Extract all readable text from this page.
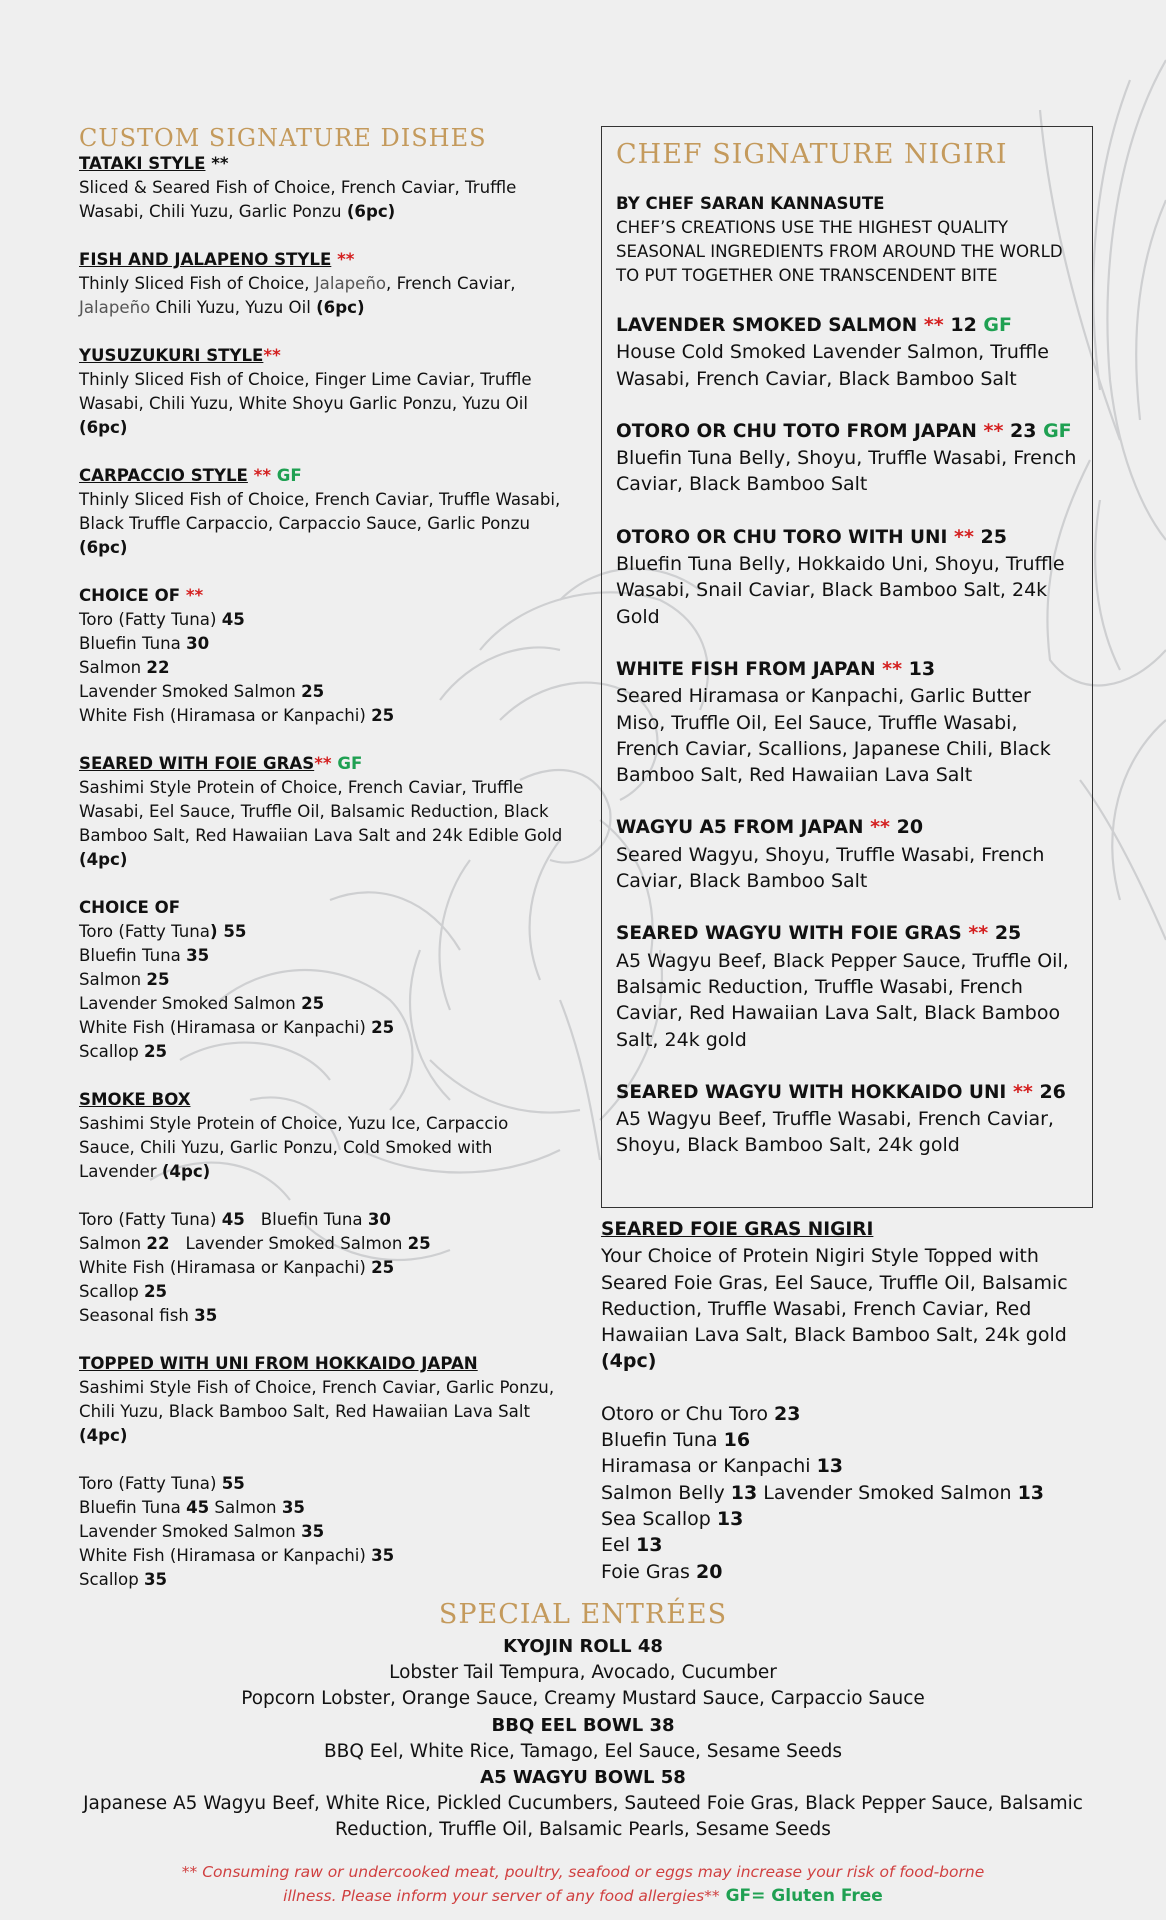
CUSTOM SIGNATURE DISHES
TATAKI STYLE **
Sliced & Seared Fish of Choice, French Caviar, Truffle Wasabi, Chili Yuzu, Garlic Ponzu (6pc)
FISH AND JALAPENO STYLE **
Thinly Sliced Fish of Choice, Jalapeño, French Caviar, Jalapeño Chili Yuzu, Yuzu Oil (6pc)
YUSUZUKURI STYLE**
Thinly Sliced Fish of Choice, Finger Lime Caviar, Truffle Wasabi, Chili Yuzu, White Shoyu Garlic Ponzu, Yuzu Oil (6pc)
CARPACCIO STYLE ** GF
Thinly Sliced Fish of Choice, French Caviar, Truffle Wasabi, Black Truffle Carpaccio, Carpaccio Sauce, Garlic Ponzu (6pc)
CHOICE OF **
Toro (Fatty Tuna) 45
Bluefin Tuna 30
Salmon 22
Lavender Smoked Salmon 25
White Fish (Hiramasa or Kanpachi) 25
SEARED WITH FOIE GRAS** GF
Sashimi Style Protein of Choice, French Caviar, Truffle Wasabi, Eel Sauce, Truffle Oil, Balsamic Reduction, Black Bamboo Salt, Red Hawaiian Lava Salt and 24k Edible Gold (4pc)
CHOICE OF
Toro (Fatty Tuna) 55
Bluefin Tuna 35
Salmon 25
Lavender Smoked Salmon 25
White Fish (Hiramasa or Kanpachi) 25
Scallop 25
SMOKE BOX
Sashimi Style Protein of Choice, Yuzu Ice, Carpaccio Sauce, Chili Yuzu, Garlic Ponzu, Cold Smoked with Lavender (4pc)
Toro (Fatty Tuna) 45 Bluefin Tuna 30
Salmon 22 Lavender Smoked Salmon 25
White Fish (Hiramasa or Kanpachi) 25
Scallop 25
Seasonal fish 35
TOPPED WITH UNI FROM HOKKAIDO JAPAN
Sashimi Style Fish of Choice, French Caviar, Garlic Ponzu, Chili Yuzu, Black Bamboo Salt, Red Hawaiian Lava Salt (4pc)
Toro (Fatty Tuna) 55
Bluefin Tuna 45 Salmon 35
Lavender Smoked Salmon 35
White Fish (Hiramasa or Kanpachi) 35
Scallop 35
CHEF SIGNATURE NIGIRI
BY CHEF SARAN KANNASUTE
CHEF’S CREATIONS USE THE HIGHEST QUALITY SEASONAL INGREDIENTS FROM AROUND THE WORLD TO PUT TOGETHER ONE TRANSCENDENT BITE
LAVENDER SMOKED SALMON ** 12 GF
House Cold Smoked Lavender Salmon, Truffle Wasabi, French Caviar, Black Bamboo Salt
OTORO OR CHU TOTO FROM JAPAN ** 23 GF
Bluefin Tuna Belly, Shoyu, Truffle Wasabi, French Caviar, Black Bamboo Salt
OTORO OR CHU TORO WITH UNI ** 25
Bluefin Tuna Belly, Hokkaido Uni, Shoyu, Truffle Wasabi, Snail Caviar, Black Bamboo Salt, 24k Gold
WHITE FISH FROM JAPAN ** 13
Seared Hiramasa or Kanpachi, Garlic Butter Miso, Truffle Oil, Eel Sauce, Truffle Wasabi, French Caviar, Scallions, Japanese Chili, Black Bamboo Salt, Red Hawaiian Lava Salt
WAGYU A5 FROM JAPAN ** 20
Seared Wagyu, Shoyu, Truffle Wasabi, French Caviar, Black Bamboo Salt
SEARED WAGYU WITH FOIE GRAS ** 25
A5 Wagyu Beef, Black Pepper Sauce, Truffle Oil, Balsamic Reduction, Truffle Wasabi, French Caviar, Red Hawaiian Lava Salt, Black Bamboo Salt, 24k gold
SEARED WAGYU WITH HOKKAIDO UNI ** 26
A5 Wagyu Beef, Truffle Wasabi, French Caviar, Shoyu, Black Bamboo Salt, 24k gold
SEARED FOIE GRAS NIGIRI
Your Choice of Protein Nigiri Style Topped with Seared Foie Gras, Eel Sauce, Truffle Oil, Balsamic Reduction, Truffle Wasabi, French Caviar, Red Hawaiian Lava Salt, Black Bamboo Salt, 24k gold (4pc)
Otoro or Chu Toro 23
Bluefin Tuna 16
Hiramasa or Kanpachi 13
Salmon Belly 13 Lavender Smoked Salmon 13
Sea Scallop 13
Eel 13
Foie Gras 20
SPECIAL ENTRÉES
KYOJIN ROLL 48
Lobster Tail Tempura, Avocado, Cucumber
Popcorn Lobster, Orange Sauce, Creamy Mustard Sauce, Carpaccio Sauce
BBQ EEL BOWL 38
BBQ Eel, White Rice, Tamago, Eel Sauce, Sesame Seeds
A5 WAGYU BOWL 58
Japanese A5 Wagyu Beef, White Rice, Pickled Cucumbers, Sauteed Foie Gras, Black Pepper Sauce, Balsamic
Reduction, Truffle Oil, Balsamic Pearls, Sesame Seeds
** Consuming raw or undercooked meat, poultry, seafood or eggs may increase your risk of food-borne
illness. Please inform your server of any food allergies** GF= Gluten Free
